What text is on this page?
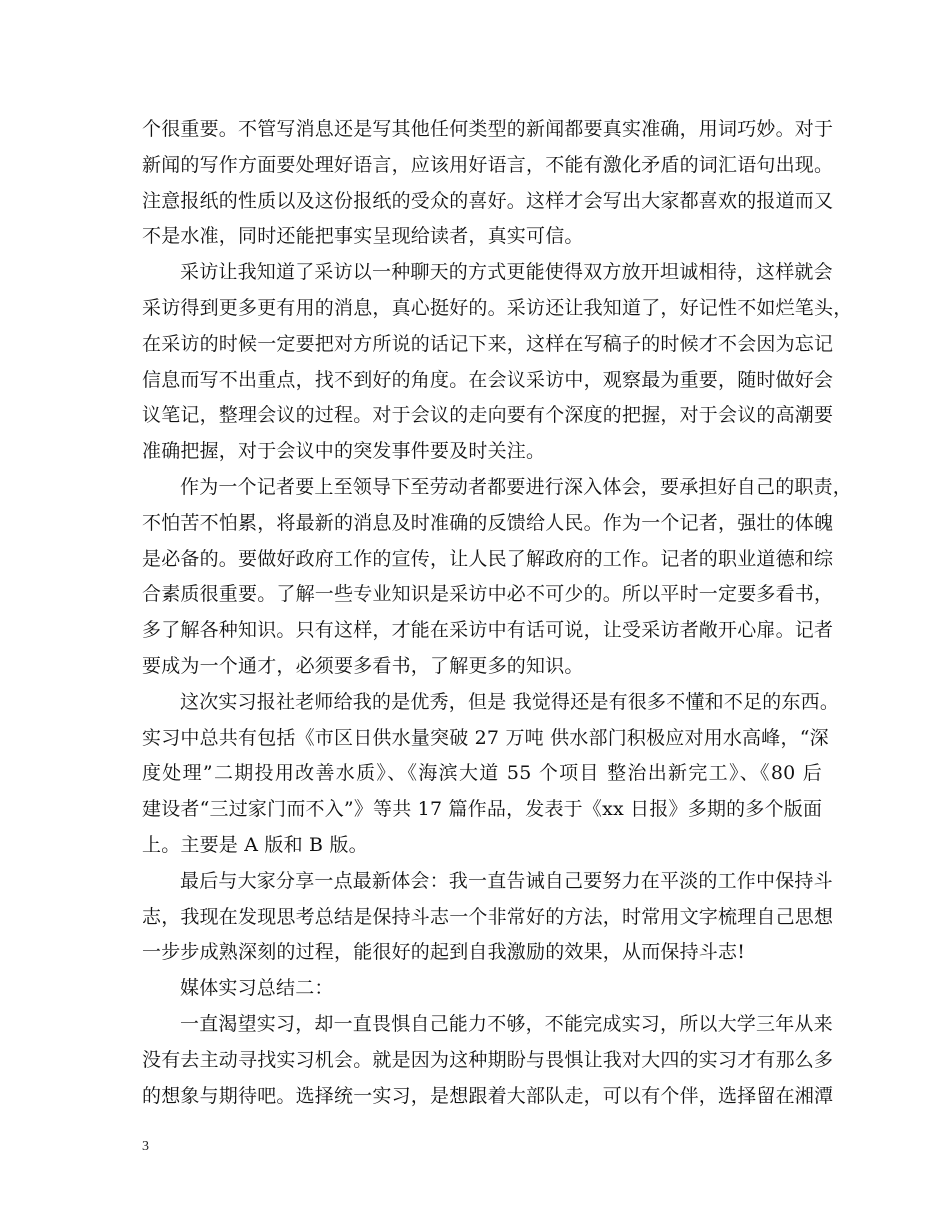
个很重要。不管写消息还是写其他任何类型的新闻都要真实准确，用词巧妙。对于
新闻的写作方面要处理好语言，应该用好语言，不能有激化矛盾的词汇语句出现。
注意报纸的性质以及这份报纸的受众的喜好。这样才会写出大家都喜欢的报道而又
不是水准，同时还能把事实呈现给读者，真实可信。
采访让我知道了采访以一种聊天的方式更能使得双方放开坦诚相待，这样就会
采访得到更多更有用的消息，真心挺好的。采访还让我知道了，好记性不如烂笔头，
在采访的时候一定要把对方所说的话记下来，这样在写稿子的时候才不会因为忘记
信息而写不出重点，找不到好的角度。在会议采访中，观察最为重要，随时做好会
议笔记，整理会议的过程。对于会议的走向要有个深度的把握，对于会议的高潮要
准确把握，对于会议中的突发事件要及时关注。
作为一个记者要上至领导下至劳动者都要进行深入体会，要承担好自己的职责，
不怕苦不怕累，将最新的消息及时准确的反馈给人民。作为一个记者，强壮的体魄
是必备的。要做好政府工作的宣传，让人民了解政府的工作。记者的职业道德和综
合素质很重要。了解一些专业知识是采访中必不可少的。所以平时一定要多看书，
多了解各种知识。只有这样，才能在采访中有话可说，让受采访者敞开心扉。记者
要成为一个通才，必须要多看书，了解更多的知识。
这次实习报社老师给我的是优秀，但是 我觉得还是有很多不懂和不足的东西。
实习中总共有包括《市区日供水量突破 27 万吨 供水部门积极应对用水高峰，“深
度处理”二期投用改善水质》、《海滨大道 55 个项目 整治出新完工》、《80 后
建设者“三过家门而不入”》等共 17 篇作品，发表于《xx 日报》多期的多个版面
上。主要是 A 版和 B 版。
最后与大家分享一点最新体会：我一直告诫自己要努力在平淡的工作中保持斗
志，我现在发现思考总结是保持斗志一个非常好的方法，时常用文字梳理自己思想
一步步成熟深刻的过程，能很好的起到自我激励的效果，从而保持斗志!
媒体实习总结二：
一直渴望实习，却一直畏惧自己能力不够，不能完成实习，所以大学三年从来
没有去主动寻找实习机会。就是因为这种期盼与畏惧让我对大四的实习才有那么多
的想象与期待吧。选择统一实习，是想跟着大部队走，可以有个伴，选择留在湘潭
3
